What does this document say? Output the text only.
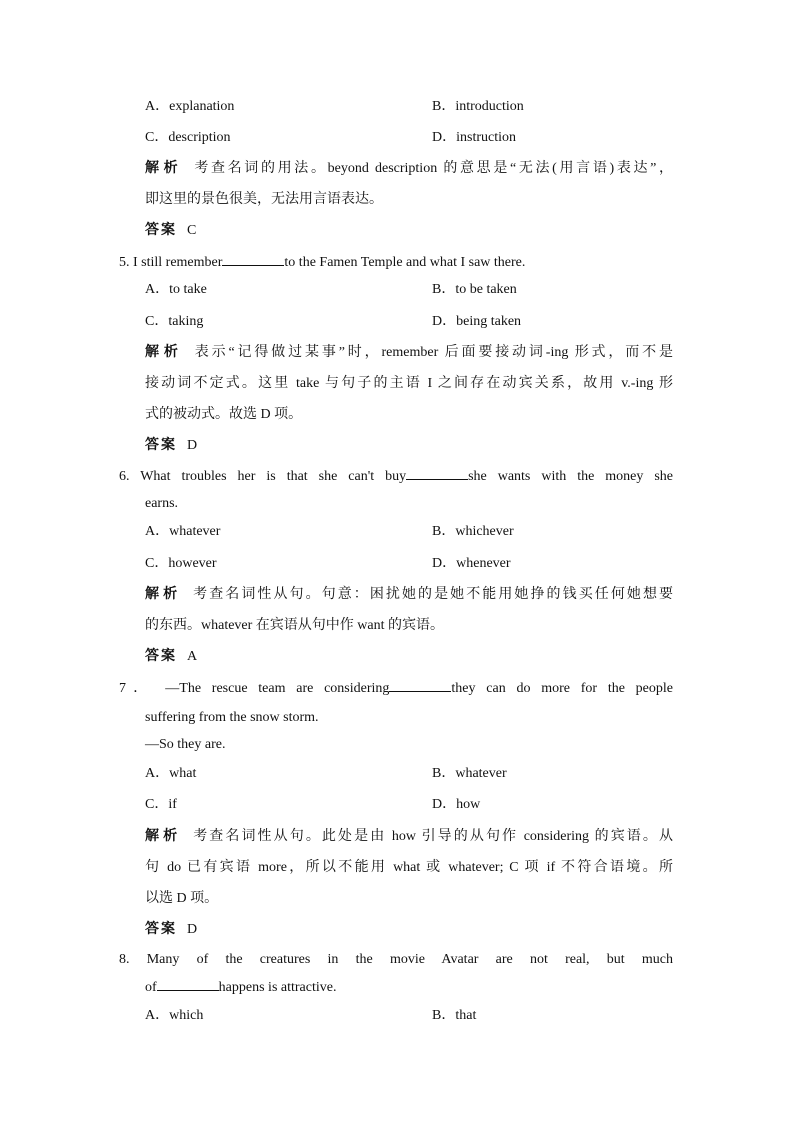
A．explanation	B．introduction
C．description	D．instruction
解析 考查名词的用法。beyond description 的意思是“无法(用言语)表达”，
即这里的景色很美，无法用言语表达。
答案 C
5. I still remember	to the Famen Temple and what I saw there.
A．to take	B．to be taken
C．taking	D．being taken
解析 表示“记得做过某事”时，remember 后面要接动词-ing 形式，而不是
接动词不定式。这里 take 与句子的主语 I 之间存在动宾关系，故用 v.-ing 形
式的被动式。故选 D 项。
答案 D
6. What troubles her is that she can't buy	she wants with the money she
earns.
A．whatever	B．whichever
C．however	D．whenever
解析 考查名词性从句。句意：困扰她的是她不能用她挣的钱买任何她想要
的东西。whatever 在宾语从句中作 want 的宾语。
答案 A
7． —The rescue team are considering	they can do more for the people
suffering from the snow storm.
—So they are.
A．what	B．whatever
C．if	D．how
解析 考查名词性从句。此处是由 how 引导的从句作 considering 的宾语。从
句 do 已有宾语 more，所以不能用 what 或 whatever; C 项 if 不符合语境。所
以选 D 项。
答案 D
8. Many of the creatures in the movie Avatar are not real, but much
of	happens is attractive.
A．which	B．that
